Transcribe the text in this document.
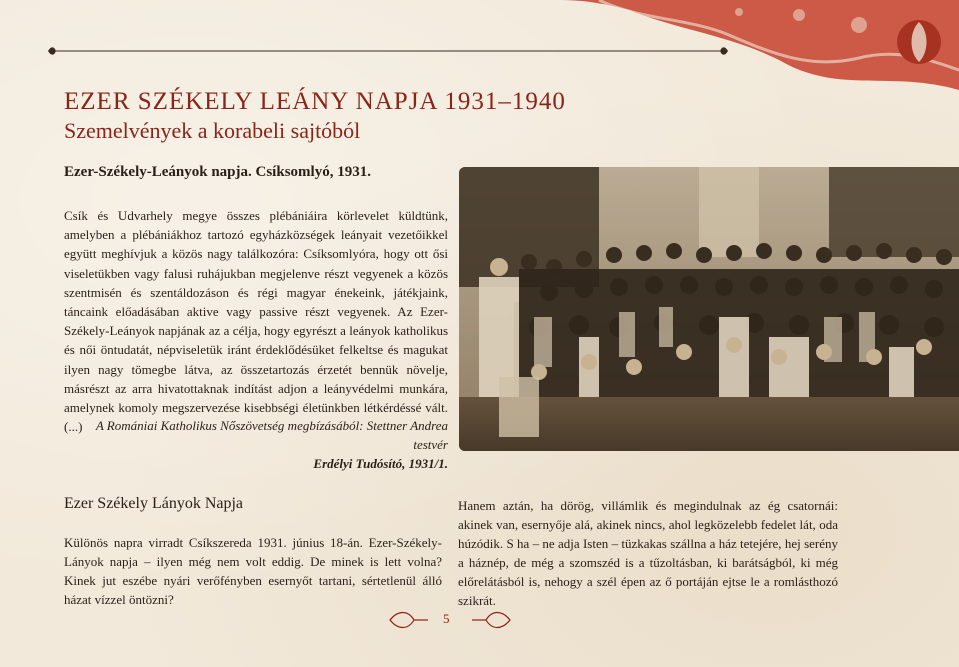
EZER SZÉKELY LEÁNY NAPJA 1931–1940
Szemelvények a korabeli sajtóból
Ezer-Székely-Leányok napja. Csíksomlyó, 1931.
Csík és Udvarhely megye összes plébániáira körlevelet küldtünk, amelyben a plébániákhoz tartozó egyházközségek leányait vezetőikkel együtt meghívjuk a közös nagy találkozóra: Csíksomlyóra, hogy ott ősi viseletükben vagy falusi ruhájukban megjelenve részt vegyenek a közös szentmisén és szentáldozáson és régi magyar énekeink, játékjaink, táncaink előadásában aktive vagy passive részt vegyenek. Az Ezer-Székely-Leányok napjának az a célja, hogy egyrészt a leányok katholikus és női öntudatát, népviseletük iránt érdeklődésüket felkeltse és magukat ilyen nagy tömegbe látva, az összetartozás érzetét bennük növelje, másrészt az arra hivatottaknak indítást adjon a leányvédelmi munkára, amelynek komoly megszervezése kisebbségi életünkben létkérdéssé vált. (...)	A Romániai Katholikus Nőszövetség megbízásából: Stettner Andrea testvér
Erdélyi Tudósító, 1931/1.
Ezer Székely Lányok Napja
Különös napra virradt Csíkszereda 1931. június 18-án. Ezer-Székely-Lányok napja – ilyen még nem volt eddig. De minek is lett volna? Kinek jut eszébe nyári verőfényben esernyőt tartani, sértetlenül álló házat vízzel öntözni?
Hanem aztán, ha dörög, villámlik és megindulnak az ég csatornái: akinek van, esernyője alá, akinek nincs, ahol legközelebb fedelet lát, oda húzódik. S ha – ne adja Isten – tüzkakas szállna a ház tetejére, hej serény a háznép, de még a szomszéd is a tűzoltásban, ki barátságból, ki még előrelátásból is, nehogy a szél épen az ő portáján ejtse le a romlásthozó szikrát.
5
